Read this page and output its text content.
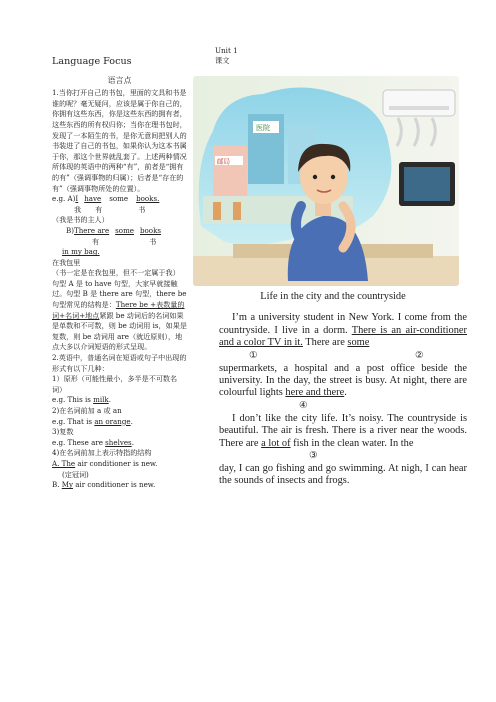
Language Focus
语言点

1.当你打开自己的书包，里面的文具和书是谁的呢？毫无疑问，应该是属于你自己的，你拥有这些东西，你是这些东西的拥有者，这些东西的所有权归你；当你在理书包时，发现了一本陌生的书，是你无意间把别人的书装进了自己的书包，如果你认为这本书属于你，那这个世界就乱套了。上述两种情况所体现的英语中的两种“有”，前者是“拥有的有”（强调事物的归属）；后者是“存在的有”（强调事物所处的位置）。

e.g. A) I have some books.
我 有	书
（我是书的主人）
B) There are some books
有	书
in my bag.
在我包里
（书一定是在我包里，但不一定属于我）

句型 A 是 to have 句型，大家早就接触过。句型 B 是 there are 句型，there be 句型常见的结构是：There be +表数量的词+名词+地点紧跟 be 动词后的名词如果是单数和不可数，则 be 动词用 is，如果是复数，则 be 动词用 are（就近原则），地点大多以介词短语的形式呈现。

2.英语中，普通名词在短语或句子中出现的形式有以下几种：

1）原形（可能性最小，多半是不可数名词）
e.g. This is milk.
2)在名词前加 a 或 an
e.g. That is an orange.
3)复数
e.g. These are shelves.
4)在名词前加上表示特指的结构
A. The air conditioner is new.
(定冠词)
B. My air conditioner is new.
Unit 1
课文
医院
邮局
Life in the city and the countryside

I’m a university student in New York. I come from the countryside. I live in a dorm. There is an air-conditioner and a color TV in it. There are some

①	②

supermarkets, a hospital and a post office beside the university. In the day, the street is busy. At night, there are colourful lights here and there.

④

I don’t like the city life. It’s noisy. The countryside is beautiful. The air is fresh. There is a river near the woods. There are a lot of fish in the clean water. In the

③

day, I can go fishing and go swimming. At nigh, I can hear the sounds of insects and frogs.
